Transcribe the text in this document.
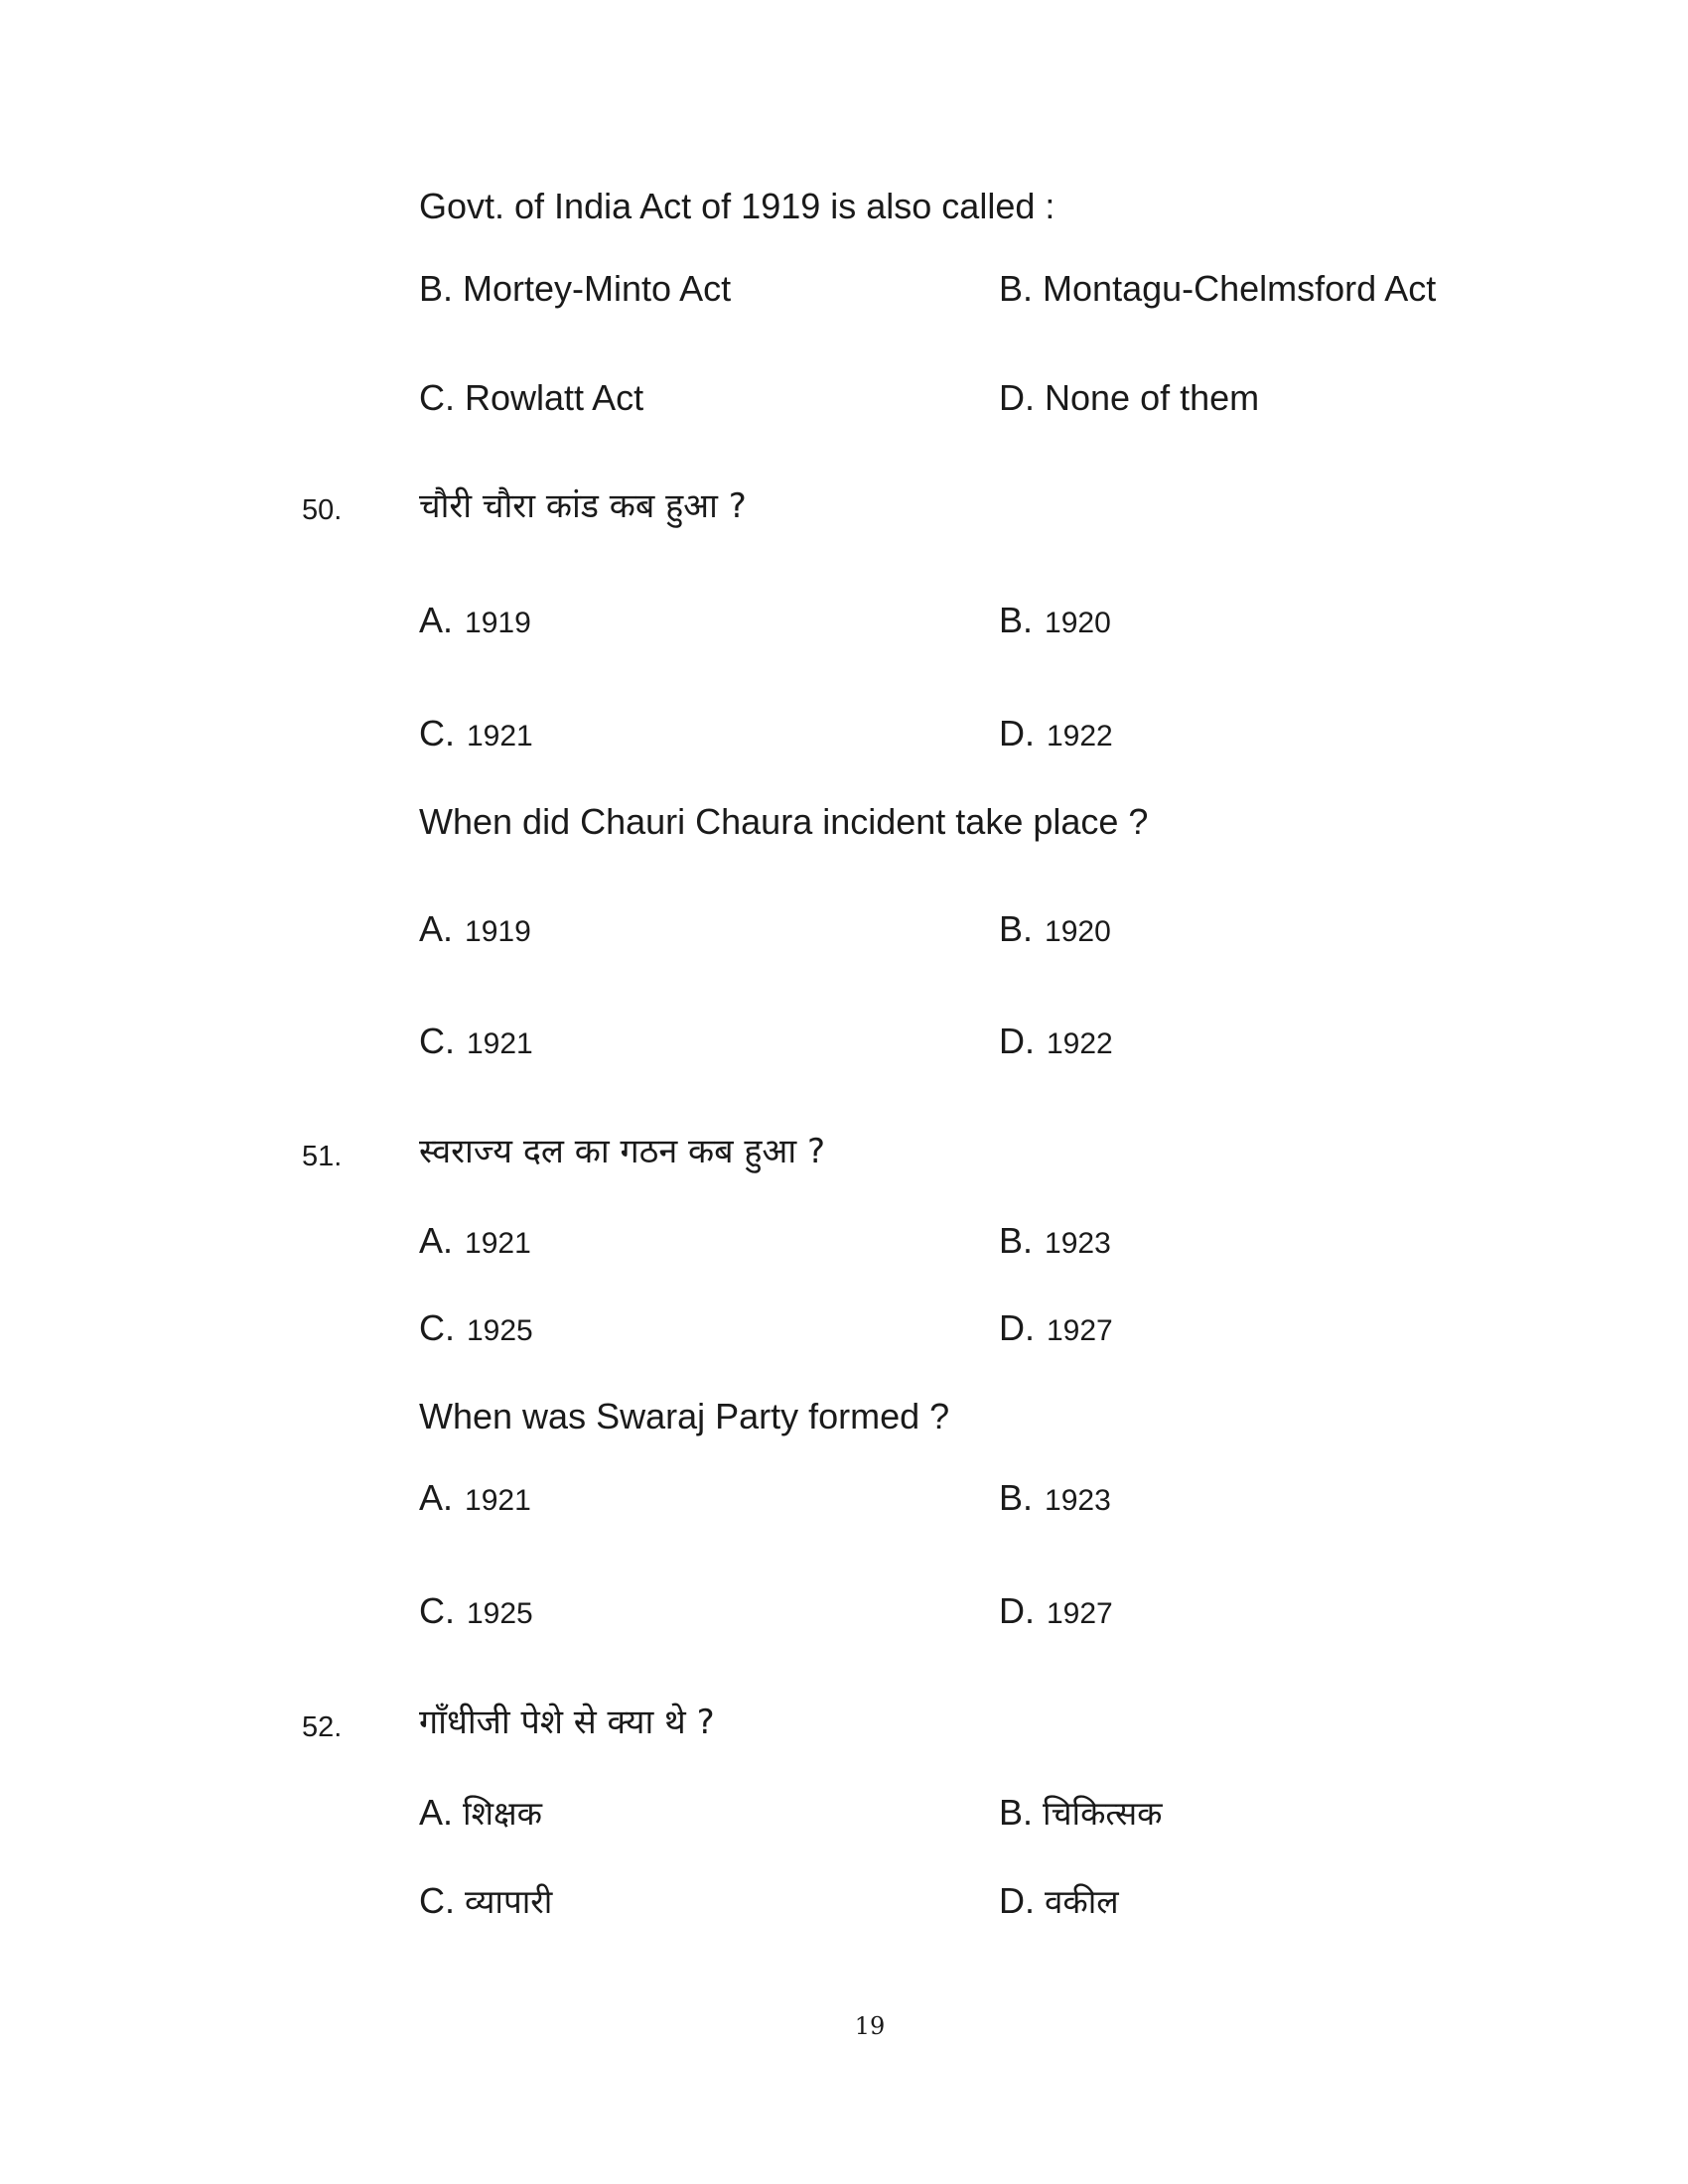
Govt. of India Act of 1919 is also called :
B. Mortey-Minto Act	B. Montagu-Chelmsford Act
C. Rowlatt Act	D. None of them
50. चौरी चौरा कांड कब हुआ ?
A. 1919	B. 1920
C. 1921	D. 1922
When did Chauri Chaura incident take place ?
A. 1919	B. 1920
C. 1921	D. 1922
51. स्वराज्य दल का गठन कब हुआ ?
A. 1921	B. 1923
C. 1925	D. 1927
When was Swaraj Party formed ?
A. 1921	B. 1923
C. 1925	D. 1927
52. गाँधीजी पेशे से क्या थे ?
A. शिक्षक	B. चिकित्सक
C. व्यापारी	D. वकील
19
